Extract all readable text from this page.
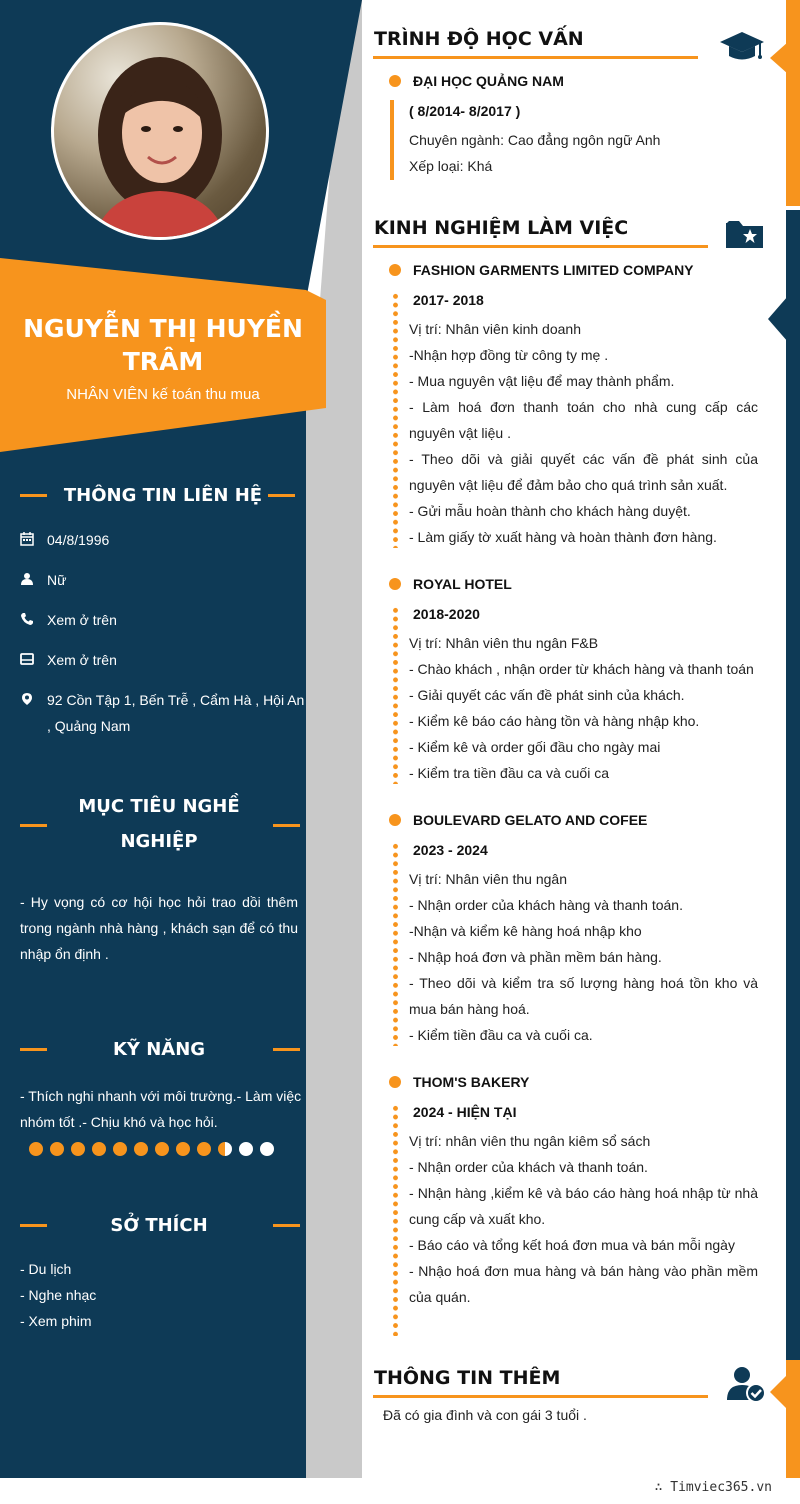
NGUYỄN THỊ HUYỀN TRÂM
NHÂN VIÊN kế toán thu mua
THÔNG TIN LIÊN HỆ
04/8/1996
Nữ
Xem ở trên
Xem ở trên
92 Cồn Tập 1, Bến Trễ , Cẩm Hà , Hội An , Quảng Nam
MỤC TIÊU NGHỀ
NGHIỆP
- Hy vọng có cơ hội học hỏi trao dồi thêm trong ngành nhà hàng , khách sạn để có thu nhập ổn định .
KỸ NĂNG
- Thích nghi nhanh với môi trường.- Làm việc nhóm tốt .- Chịu khó và học hỏi.
SỞ THÍCH
- Du lịch
- Nghe nhạc
- Xem phim
TRÌNH ĐỘ HỌC VẤN
ĐẠI HỌC QUẢNG NAM
( 8/2014- 8/2017 )

Chuyên ngành: Cao đẳng ngôn ngữ Anh

Xếp loại: Khá

KINH NGHIỆM LÀM VIỆC
FASHION GARMENTS LIMITED COMPANY
2017- 2018

Vị trí: Nhân viên kinh doanh

-Nhận hợp đồng từ công ty mẹ .

- Mua nguyên vật liệu để may thành phẩm.

- Làm hoá đơn thanh toán cho nhà cung cấp các nguyên vật liệu .

- Theo dõi và giải quyết các vấn đề phát sinh của nguyên vật liệu để đảm bảo cho quá trình sản xuất.

- Gửi mẫu hoàn thành cho khách hàng duyệt.

- Làm giấy tờ xuất hàng và hoàn thành đơn hàng.

ROYAL HOTEL
2018-2020

Vị trí: Nhân viên thu ngân F&B

- Chào khách , nhận order từ khách hàng và thanh toán

- Giải quyết các vấn đề phát sinh của khách.

- Kiểm kê báo cáo hàng tồn và hàng nhập kho.

- Kiểm kê và order gối đầu cho ngày mai

- Kiểm tra tiền đầu ca và cuối ca

BOULEVARD GELATO AND COFEE
2023 - 2024

Vị trí: Nhân viên thu ngân

- Nhận order của khách hàng và thanh toán.

-Nhận và kiểm kê hàng hoá nhập kho

- Nhập hoá đơn và phần mềm bán hàng.

- Theo dõi và kiểm tra số lượng hàng hoá tồn kho và mua bán hàng hoá.

- Kiểm tiền đầu ca và cuối ca.

THOM'S BAKERY
2024 - HIỆN TẠI

Vị trí: nhân viên thu ngân kiêm sổ sách

- Nhận order của khách và thanh toán.

- Nhận hàng ,kiểm kê và báo cáo hàng hoá nhập từ nhà cung cấp và xuất kho.

- Báo cáo và tổng kết hoá đơn mua và bán mỗi ngày

- Nhậo hoá đơn mua hàng và bán hàng vào phần mềm của quán.

THÔNG TIN THÊM
Đã có gia đình và con gái 3 tuổi .
∴ Timviec365.vn
